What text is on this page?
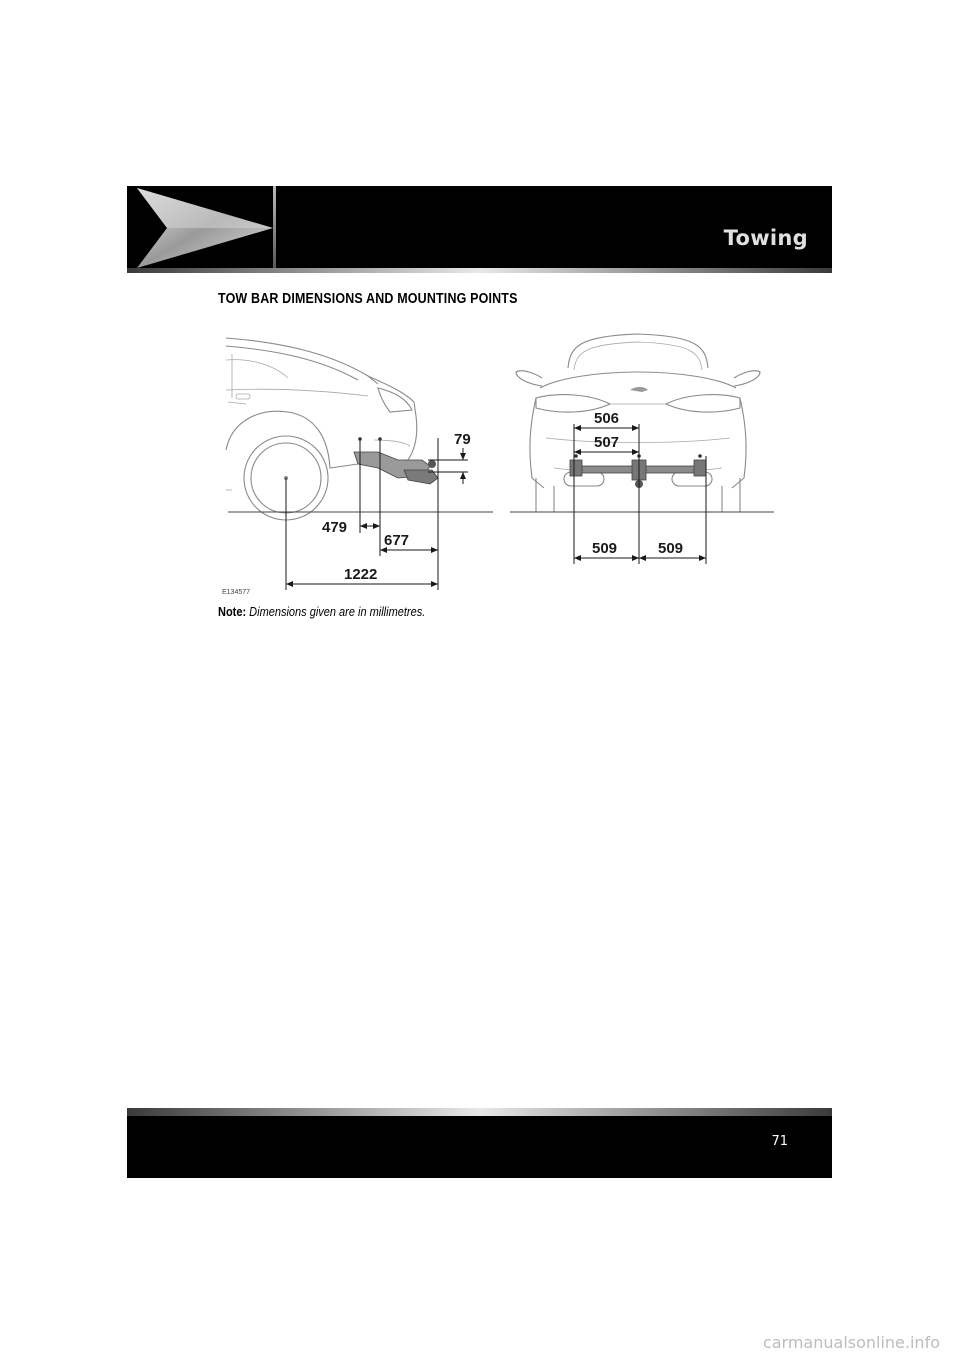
Towing
TOW BAR DIMENSIONS AND MOUNTING POINTS
79
479
677
1222
E134577
506
507
509	509
Note: Dimensions given are in millimetres.
71
carmanualsonline.info
